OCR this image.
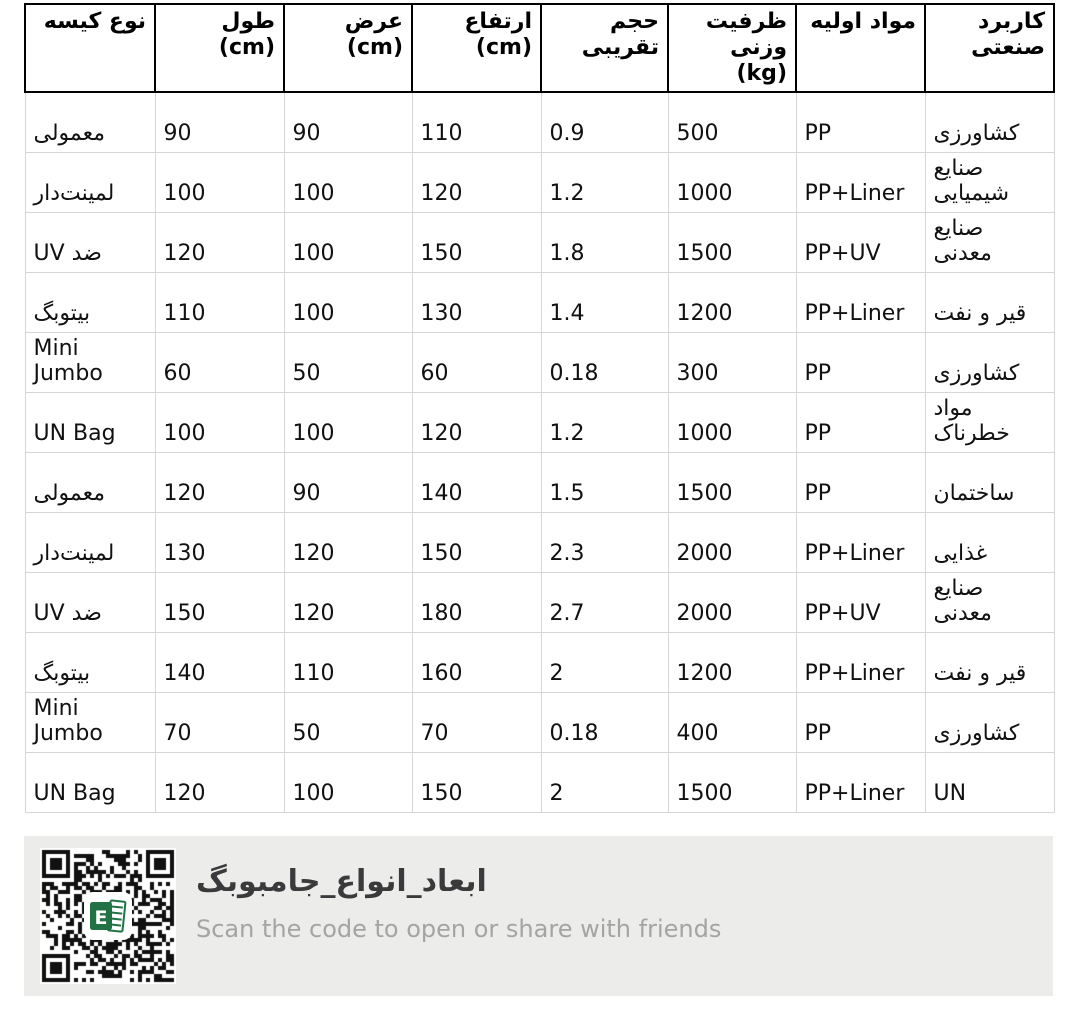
نوع کیسه	طول (cm)	عرض (cm)	ارتفاع (cm)	حجم تقریبی	ظرفیت وزنی (kg)	مواد اولیه	کاربرد صنعتی
معمولی	90	90	110	0.9	500	PP	کشاورزی
لمینت‌دار	100	100	120	1.2	1000	PP+Liner	صنایع شیمیایی
ضد UV	120	100	150	1.8	1500	PP+UV	صنایع معدنی
بیتوبگ	110	100	130	1.4	1200	PP+Liner	قیر و نفت
Mini Jumbo	60	50	60	0.18	300	PP	کشاورزی
UN Bag	100	100	120	1.2	1000	PP	مواد خطرناک
معمولی	120	90	140	1.5	1500	PP	ساختمان
لمینت‌دار	130	120	150	2.3	2000	PP+Liner	غذایی
ضد UV	150	120	180	2.7	2000	PP+UV	صنایع معدنی
بیتوبگ	140	110	160	2	1200	PP+Liner	قیر و نفت
Mini Jumbo	70	50	70	0.18	400	PP	کشاورزی
UN Bag	120	100	150	2	1500	PP+Liner	UN
E
ابعاد_انواع_جامبوبگ
Scan the code to open or share with friends
